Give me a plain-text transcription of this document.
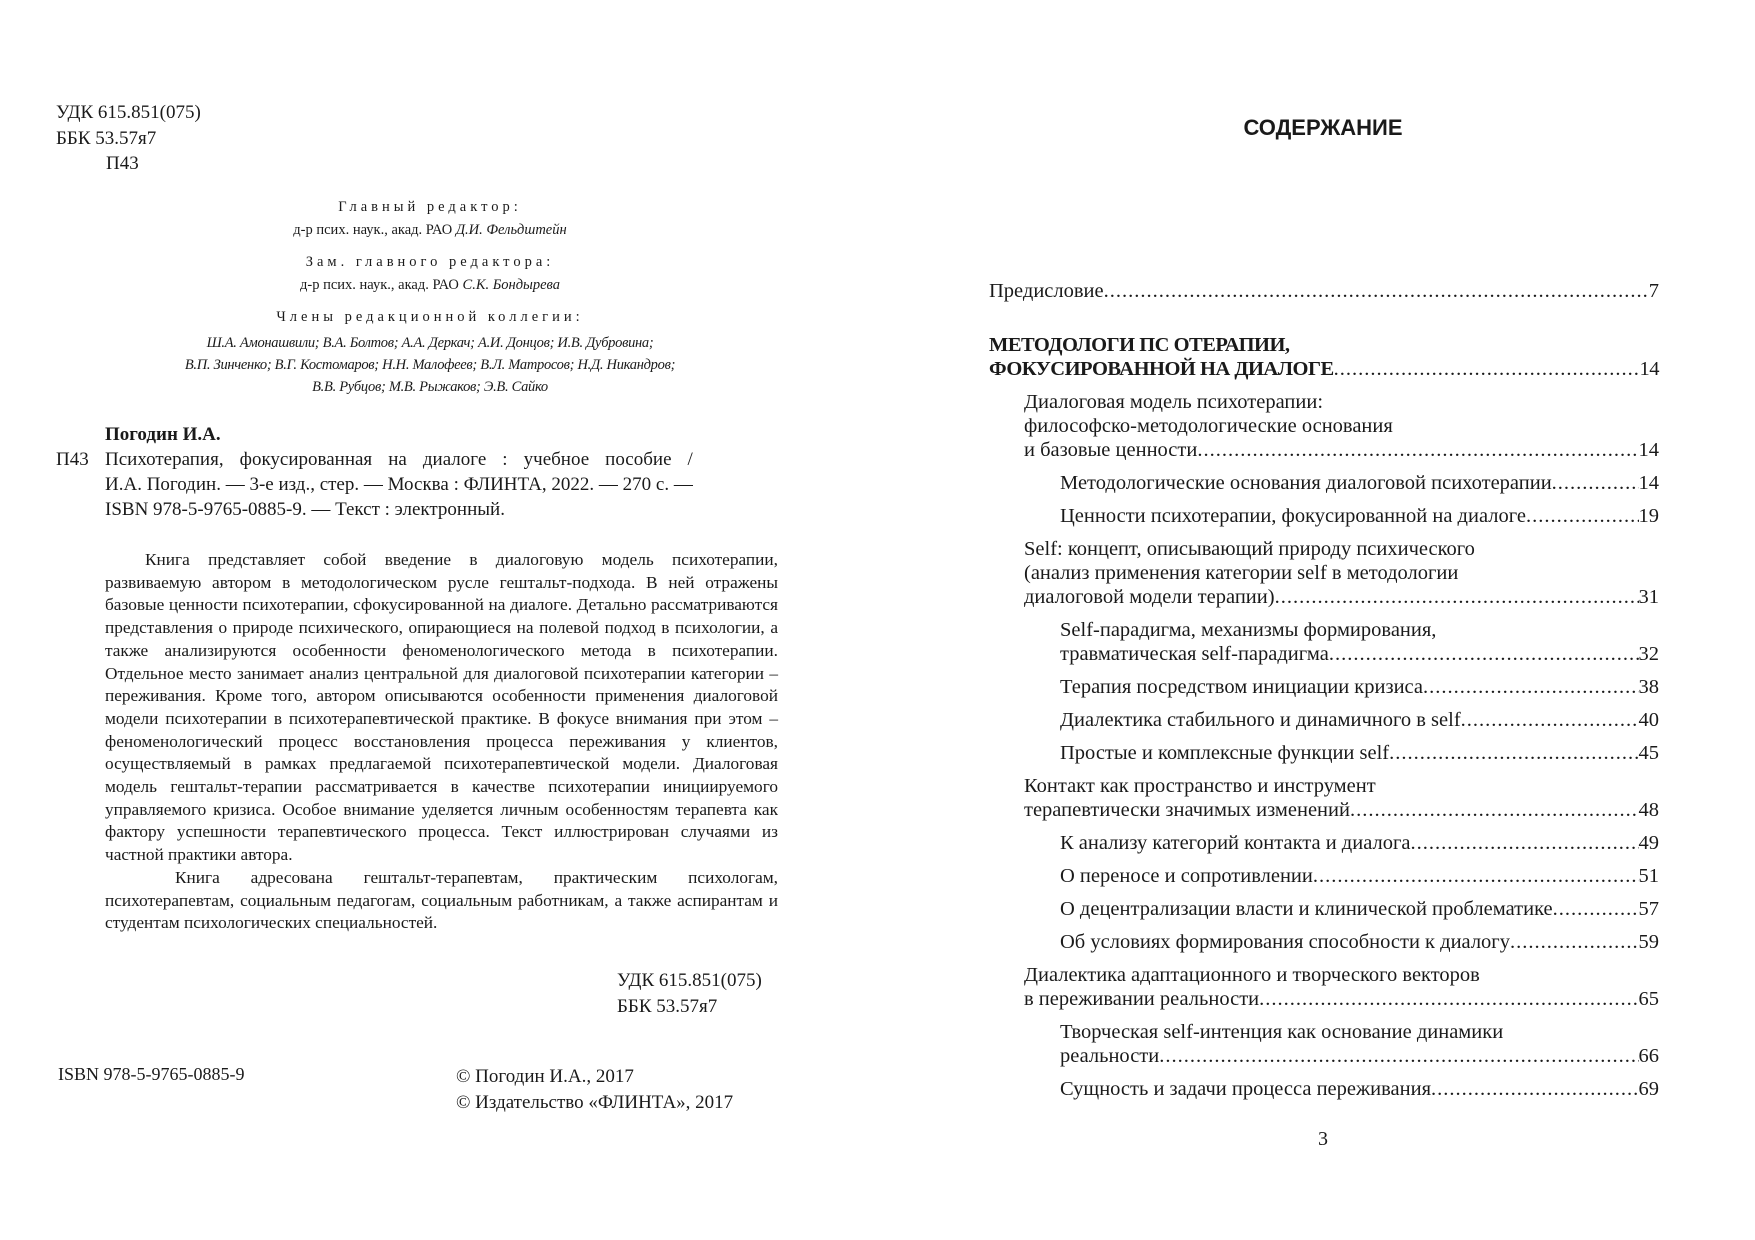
УДК 615.851(075)
ББК 53.57я7
П43
Главный редактор:
д-р псих. наук., акад. РАО Д.И. Фельдштейн
Зам. главного редактора:
д-р псих. наук., акад. РАО С.К. Бондырева
Члены редакционной коллегии:
Ш.А. Амонашвили; В.А. Болтов; А.А. Деркач; А.И. Донцов; И.В. Дубровина;
В.П. Зинченко; В.Г. Костомаров; Н.Н. Малофеев; В.Л. Матросов; Н.Д. Никандров;
В.В. Рубцов; М.В. Рыжаков; Э.В. Сайко
Погодин И.А.
П43 Психотерапия, фокусированная на диалоге : учебное пособие /
И.А. Погодин. — 3-е изд., стер. — Москва : ФЛИНТА, 2022. — 270 с. —
ISBN 978-5-9765-0885-9. — Текст : электронный.

Книга представляет собой введение в диалоговую модель психотерапии, развиваемую автором в методологическом русле гештальт-подхода. В ней отражены базовые ценности психотерапии, сфокусированной на диалоге. Детально рассматриваются представления о природе психического, опирающиеся на полевой подход в психологии, а также анализируются особенности феноменологического метода в психотерапии. Отдельное место занимает анализ центральной для диалоговой психотерапии категории – переживания. Кроме того, автором описываются особенности применения диалоговой модели психотерапии в психотерапевтической практике. В фокусе внимания при этом – феноменологический процесс восстановления процесса переживания у клиентов, осуществляемый в рамках предлагаемой психотерапевтической модели. Диалоговая модель гештальт-терапии рассматривается в качестве психотерапии инициируемого управляемого кризиса. Особое внимание уделяется личным особенностям терапевта как фактору успешности терапевтического процесса. Текст иллюстрирован случаями из частной практики автора.

Книга адресована гештальт-терапевтам, практическим психологам, психотерапевтам, социальным педагогам, социальным работникам, а также аспирантам и студентам психологических специальностей.

УДК 615.851(075)
ББК 53.57я7
ISBN 978-5-9765-0885-9	© Погодин И.А., 2017
© Издательство «ФЛИНТА», 2017
СОДЕРЖАНИЕ
Предисловие .....	7
МЕТОДОЛОГИ ПС ОТЕРАПИИ,
ФОКУСИРОВАННОЙ НА ДИАЛОГЕ .....	14
Диалоговая модель психотерапии:
философско-методологические основания
и базовые ценности .....	14
Методологические основания диалоговой психотерапии .....	14
Ценности психотерапии, фокусированной на диалоге .....	19
Self: концепт, описывающий природу психического
(анализ применения категории self в методологии
диалоговой модели терапии) .....	31
Self-парадигма, механизмы формирования,
травматическая self-парадигма .....	32
Терапия посредством инициации кризиса .....	38
Диалектика стабильного и динамичного в self .....	40
Простые и комплексные функции self .....	45
Контакт как пространство и инструмент
терапевтически значимых изменений .....	48
К анализу категорий контакта и диалога .....	49
О переносе и сопротивлении .....	51
О децентрализации власти и клинической проблематике .....	57
Об условиях формирования способности к диалогу .....	59
Диалектика адаптационного и творческого векторов
в переживании реальности .....	65
Творческая self-интенция как основание динамики
реальности .....	66
Сущность и задачи процесса переживания .....	69
3
